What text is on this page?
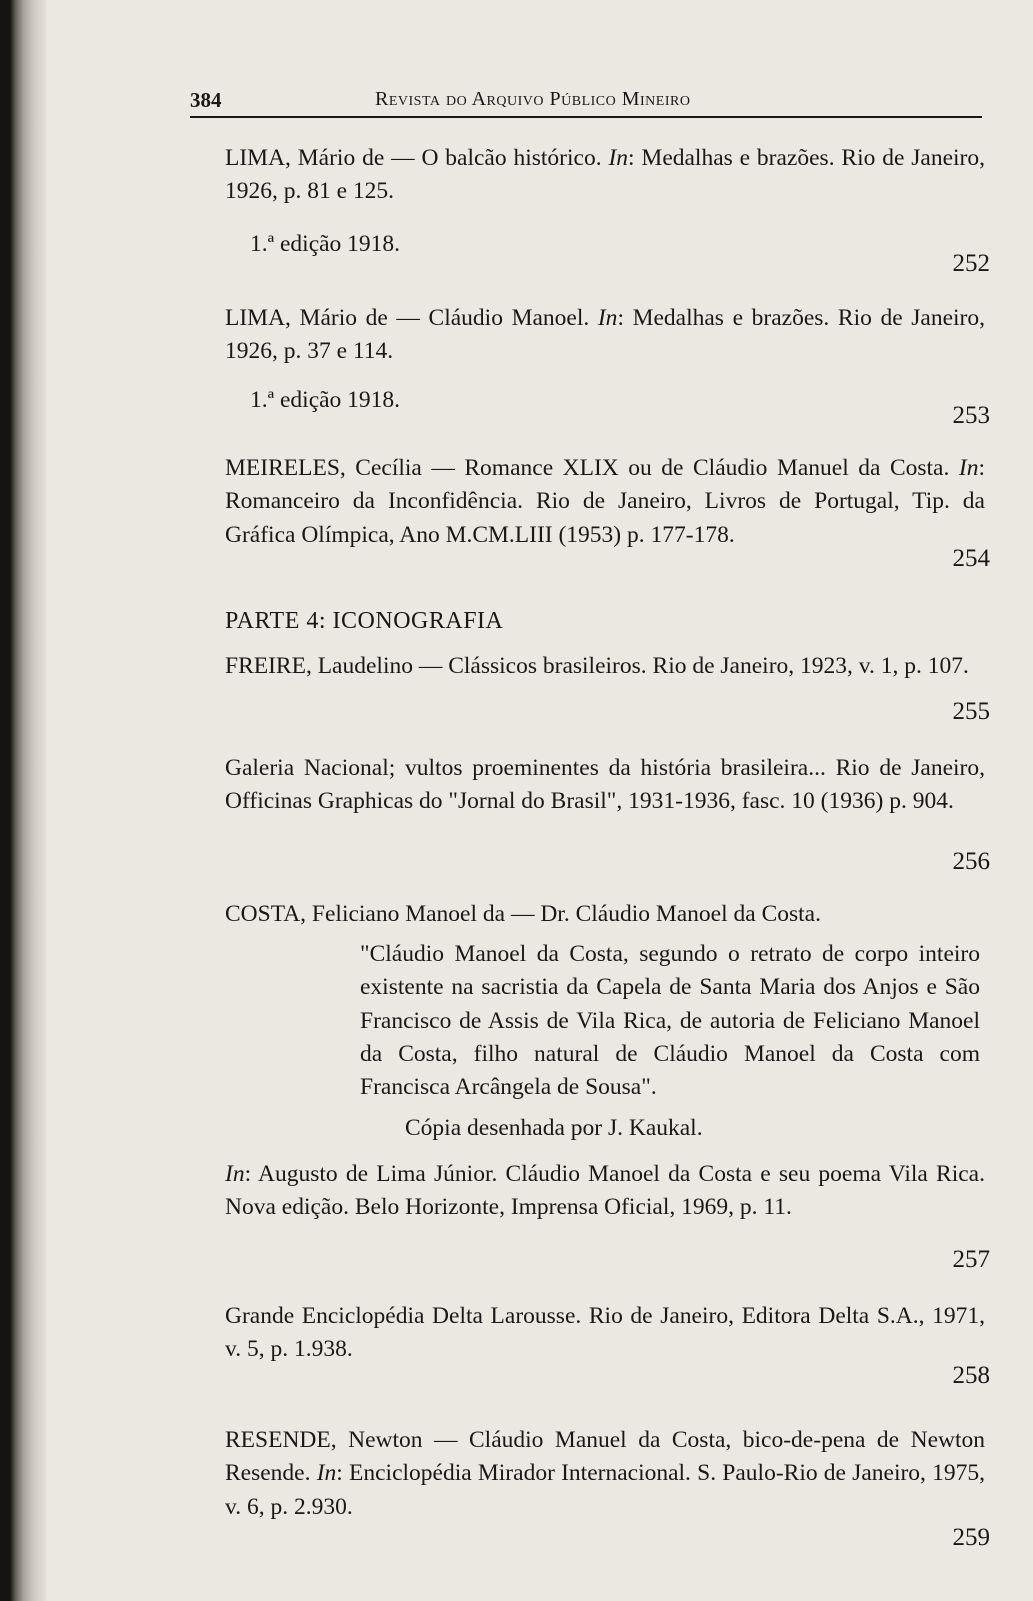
384	Revista do Arquivo Público Mineiro
LIMA, Mário de — O balcão histórico. In: Medalhas e brazões. Rio de Janeiro, 1926, p. 81 e 125.
1.ª edição 1918.
252
LIMA, Mário de — Cláudio Manoel. In: Medalhas e brazões. Rio de Janeiro, 1926, p. 37 e 114.
1.ª edição 1918.
253
MEIRELES, Cecília — Romance XLIX ou de Cláudio Manuel da Costa. In: Romanceiro da Inconfidência. Rio de Janeiro, Livros de Portugal, Tip. da Gráfica Olímpica, Ano M.CM.LIII (1953) p. 177-178.
254
PARTE 4: ICONOGRAFIA
FREIRE, Laudelino — Clássicos brasileiros. Rio de Janeiro, 1923, v. 1, p. 107.
255
Galeria Nacional; vultos proeminentes da história brasileira... Rio de Janeiro, Officinas Graphicas do "Jornal do Brasil", 1931-1936, fasc. 10 (1936) p. 904.
256
COSTA, Feliciano Manoel da — Dr. Cláudio Manoel da Costa.
"Cláudio Manoel da Costa, segundo o retrato de corpo inteiro existente na sacristia da Capela de Santa Maria dos Anjos e São Francisco de Assis de Vila Rica, de autoria de Feliciano Manoel da Costa, filho natural de Cláudio Manoel da Costa com Francisca Arcângela de Sousa".
Cópia desenhada por J. Kaukal.
In: Augusto de Lima Júnior. Cláudio Manoel da Costa e seu poema Vila Rica. Nova edição. Belo Horizonte, Imprensa Oficial, 1969, p. 11.
257
Grande Enciclopédia Delta Larousse. Rio de Janeiro, Editora Delta S.A., 1971, v. 5, p. 1.938.
258
RESENDE, Newton — Cláudio Manuel da Costa, bico-de-pena de Newton Resende. In: Enciclopédia Mirador Internacional. S. Paulo-Rio de Janeiro, 1975, v. 6, p. 2.930.
259
